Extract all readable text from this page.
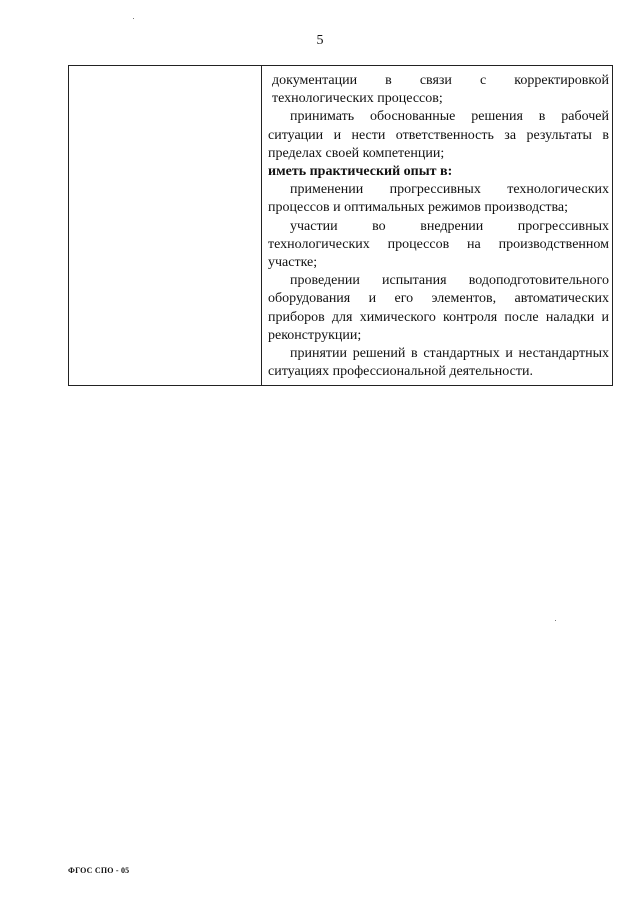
5

документации в связи с корректировкой технологических процессов;

принимать обоснованные решения в рабочей ситуации и нести ответственность за результаты в пределах своей компетенции;

иметь практический опыт в:

применении прогрессивных технологических процессов и оптимальных режимов производства;

участии во внедрении прогрессивных технологических процессов на производственном участке;

проведении испытания водоподготовительного оборудования и его элементов, автоматических приборов для химического контроля после наладки и реконструкции;

принятии решений в стандартных и нестандартных ситуациях профессиональной деятельности.

ФГОС СПО - 05
